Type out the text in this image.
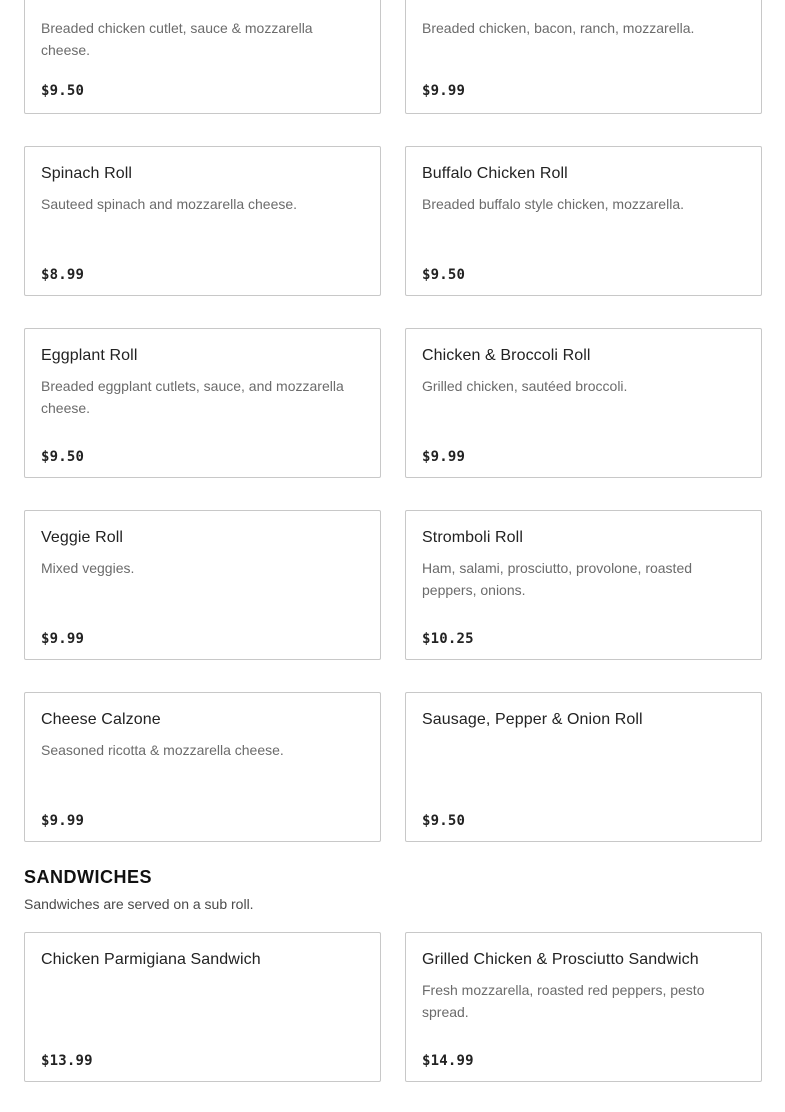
Breaded chicken cutlet, sauce & mozzarella cheese.
$9.50
Breaded chicken, bacon, ranch, mozzarella.
$9.99
Spinach Roll
Sauteed spinach and mozzarella cheese.
$8.99
Buffalo Chicken Roll
Breaded buffalo style chicken, mozzarella.
$9.50
Eggplant Roll
Breaded eggplant cutlets, sauce, and mozzarella cheese.
$9.50
Chicken & Broccoli Roll
Grilled chicken, sautéed broccoli.
$9.99
Veggie Roll
Mixed veggies.
$9.99
Stromboli Roll
Ham, salami, prosciutto, provolone, roasted peppers, onions.
$10.25
Cheese Calzone
Seasoned ricotta & mozzarella cheese.
$9.99
Sausage, Pepper & Onion Roll
$9.50
SANDWICHES
Sandwiches are served on a sub roll.
Chicken Parmigiana Sandwich
$13.99
Grilled Chicken & Prosciutto Sandwich
Fresh mozzarella, roasted red peppers, pesto spread.
$14.99
